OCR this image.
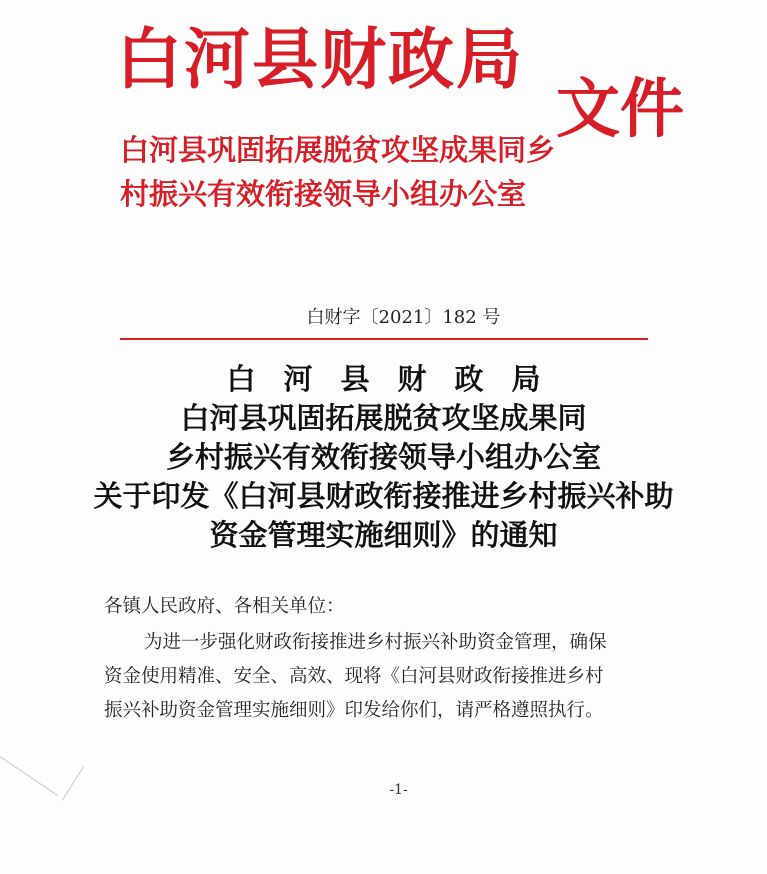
白河县财政局
白河县巩固拓展脱贫攻坚成果同乡
村振兴有效衔接领导小组办公室
文件
白财字〔2021〕182 号
白河县财政局
白河县巩固拓展脱贫攻坚成果同
乡村振兴有效衔接领导小组办公室
关于印发《白河县财政衔接推进乡村振兴补助
资金管理实施细则》的通知
各镇人民政府、各相关单位：
为进一步强化财政衔接推进乡村振兴补助资金管理，确保
资金使用精准、安全、高效、现将《白河县财政衔接推进乡村
振兴补助资金管理实施细则》印发给你们，请严格遵照执行。
-1-
